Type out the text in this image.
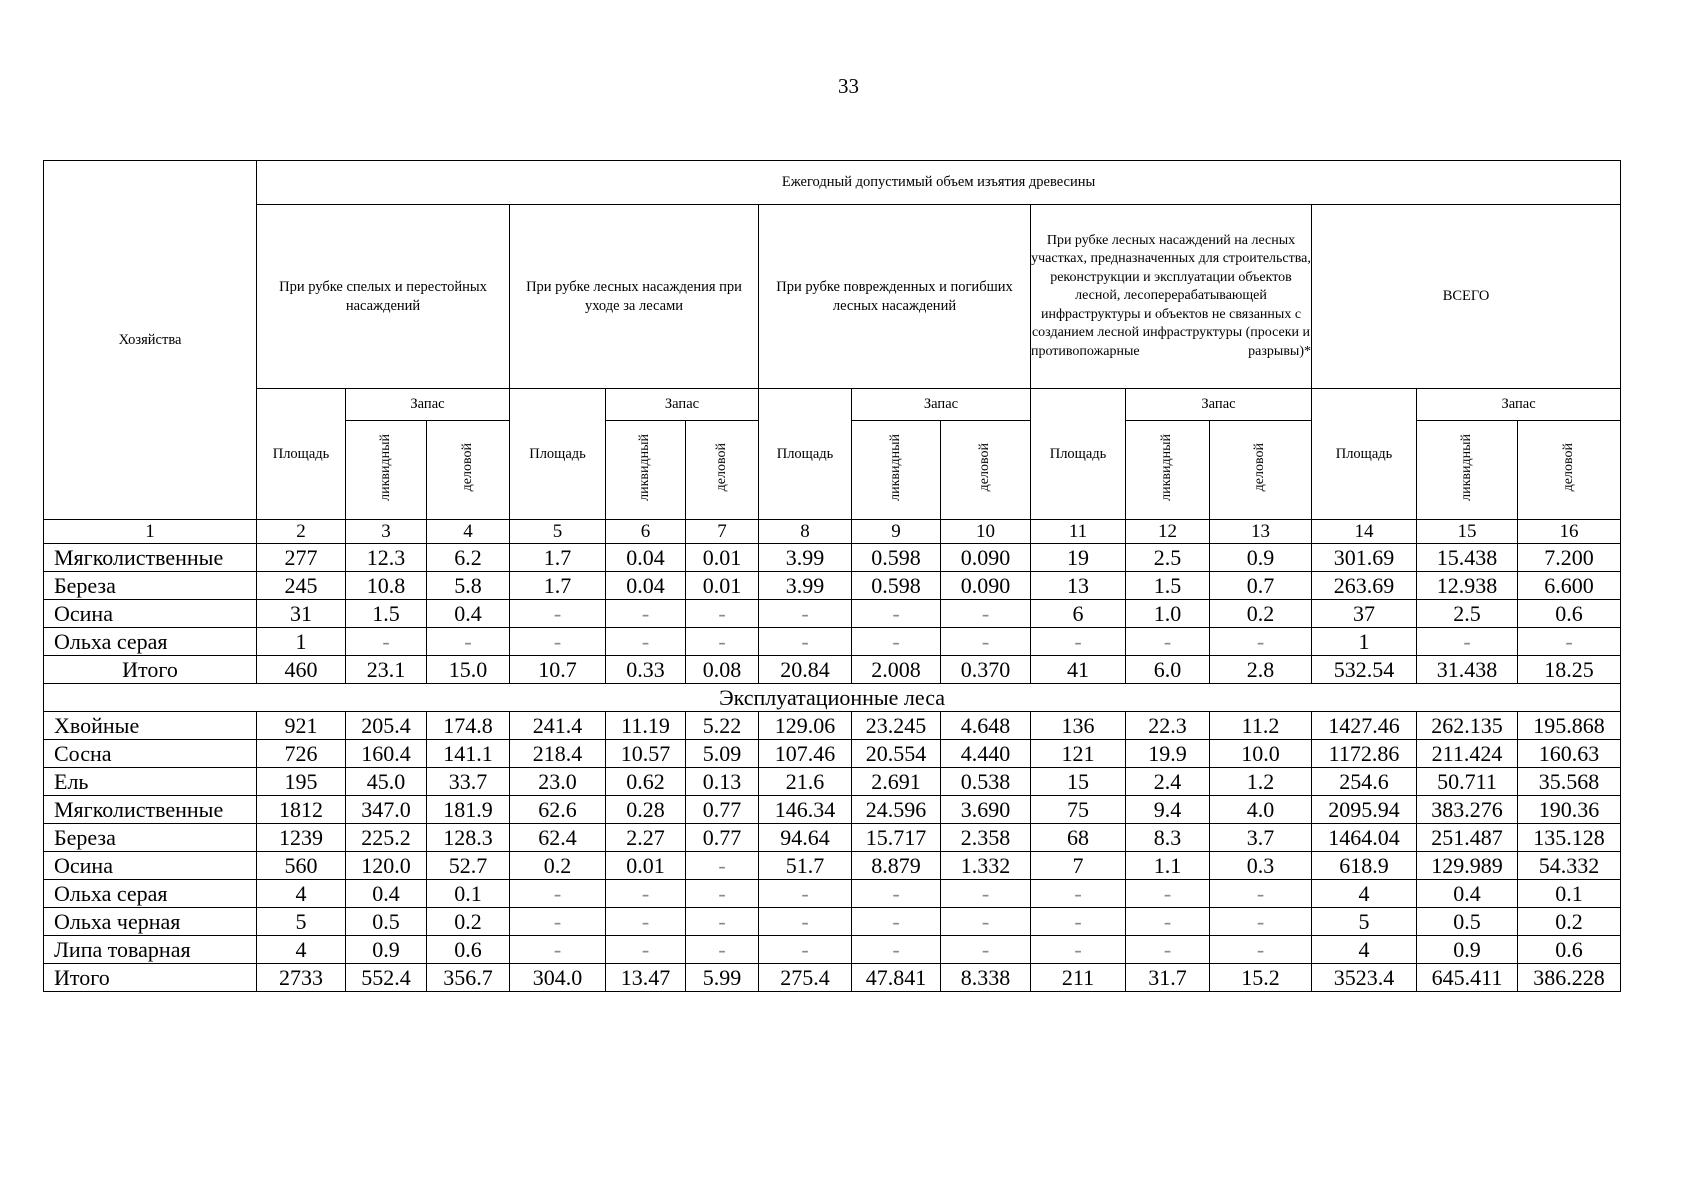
33
Хозяйства	Ежегодный допустимый объем изъятия древесины														
	При рубке спелых и перестойных насаждений			При рубке лесных насаждения при уходе за лесами			При рубке поврежденных и погибших лесных насаждений			При рубке лесных насаждений на лесных участках, предназначенных для строительства, реконструкции и эксплуатации объектов лесной, лесоперерабатывающей инфраструктуры и объектов не связанных с созданием лесной инфраструктуры (просеки и противопожарные разрывы)*			ВСЕГО		
	Площадь	Запас		Площадь	Запас		Площадь	Запас		Площадь	Запас		Площадь	Запас	
		ликвидный	деловой		ликвидный	деловой		ликвидный	деловой		ликвидный	деловой		ликвидный	деловой
1	2	3	4	5	6	7	8	9	10	11	12	13	14	15	16
Мягколиственные	277	12.3	6.2	1.7	0.04	0.01	3.99	0.598	0.090	19	2.5	0.9	301.69	15.438	7.200
Береза	245	10.8	5.8	1.7	0.04	0.01	3.99	0.598	0.090	13	1.5	0.7	263.69	12.938	6.600
Осина	31	1.5	0.4	-	-	-	-	-	-	6	1.0	0.2	37	2.5	0.6
Ольха серая	1	-	-	-	-	-	-	-	-	-	-	-	1	-	-
Итого	460	23.1	15.0	10.7	0.33	0.08	20.84	2.008	0.370	41	6.0	2.8	532.54	31.438	18.25
Эксплуатационные леса															
Хвойные	921	205.4	174.8	241.4	11.19	5.22	129.06	23.245	4.648	136	22.3	11.2	1427.46	262.135	195.868
Сосна	726	160.4	141.1	218.4	10.57	5.09	107.46	20.554	4.440	121	19.9	10.0	1172.86	211.424	160.63
Ель	195	45.0	33.7	23.0	0.62	0.13	21.6	2.691	0.538	15	2.4	1.2	254.6	50.711	35.568
Мягколиственные	1812	347.0	181.9	62.6	0.28	0.77	146.34	24.596	3.690	75	9.4	4.0	2095.94	383.276	190.36
Береза	1239	225.2	128.3	62.4	2.27	0.77	94.64	15.717	2.358	68	8.3	3.7	1464.04	251.487	135.128
Осина	560	120.0	52.7	0.2	0.01	-	51.7	8.879	1.332	7	1.1	0.3	618.9	129.989	54.332
Ольха серая	4	0.4	0.1	-	-	-	-	-	-	-	-	-	4	0.4	0.1
Ольха черная	5	0.5	0.2	-	-	-	-	-	-	-	-	-	5	0.5	0.2
Липа товарная	4	0.9	0.6	-	-	-	-	-	-	-	-	-	4	0.9	0.6
Итого	2733	552.4	356.7	304.0	13.47	5.99	275.4	47.841	8.338	211	31.7	15.2	3523.4	645.411	386.228
